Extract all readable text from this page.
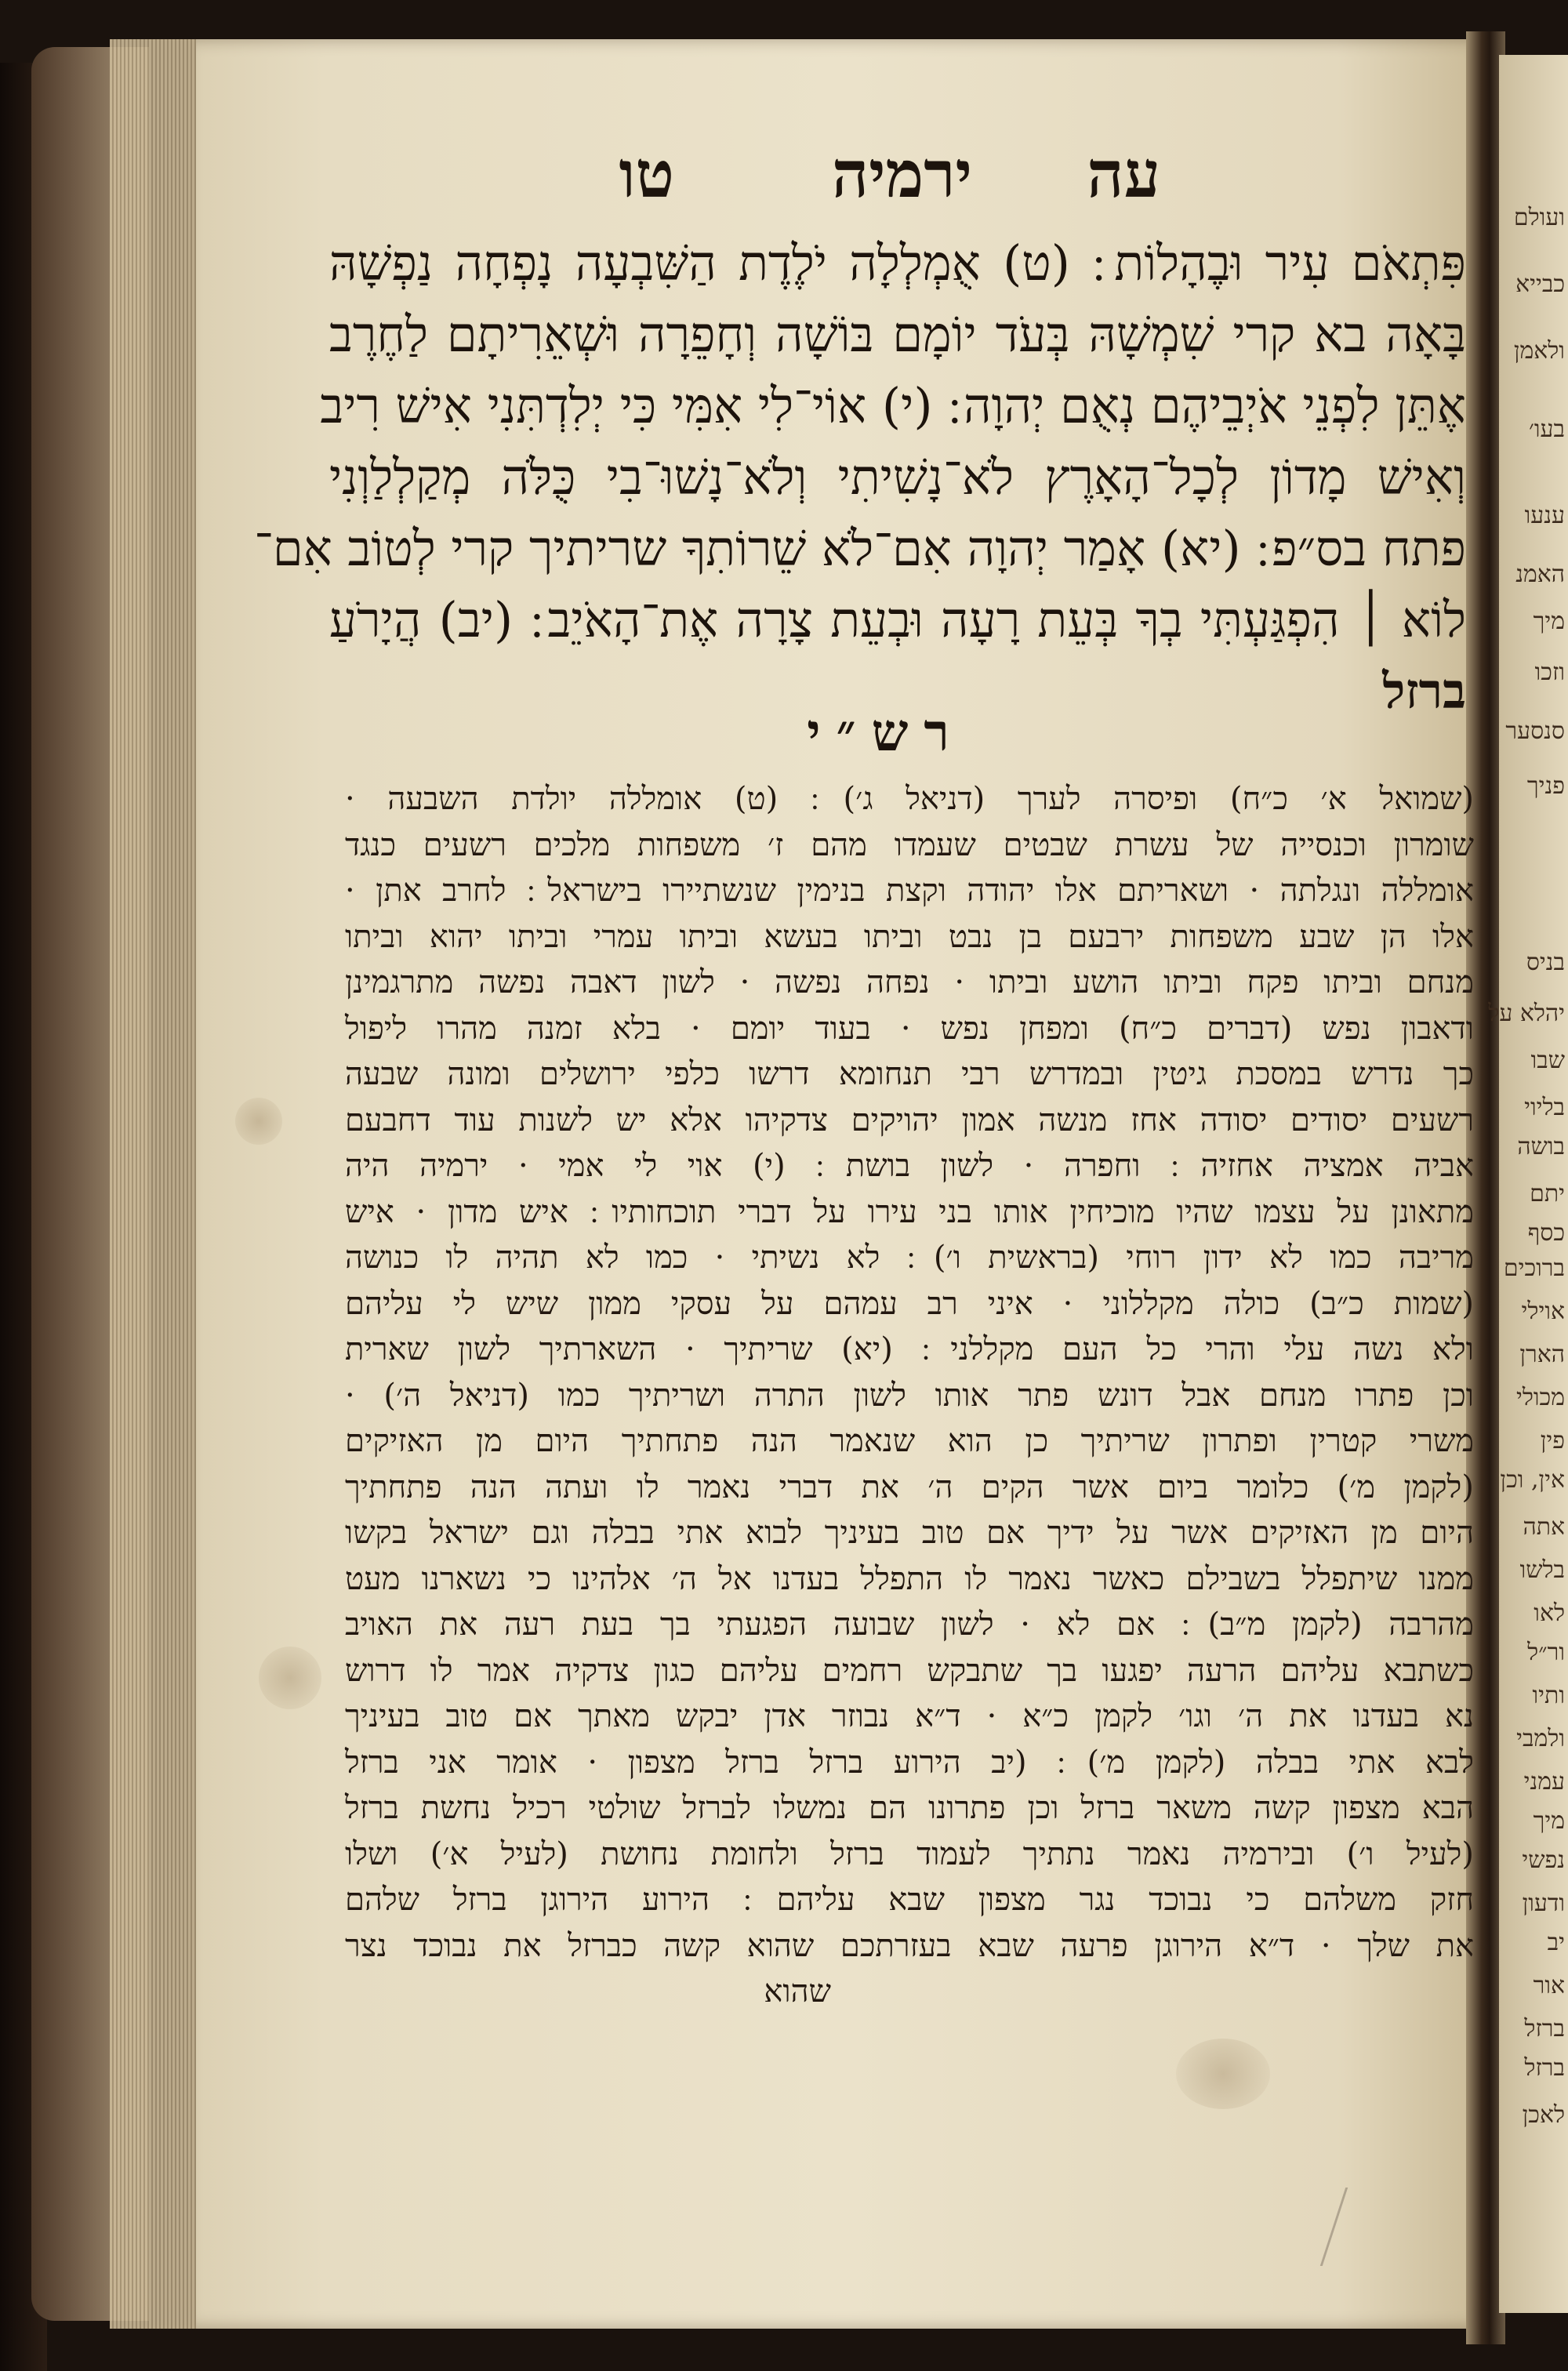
ועולם
כבייא
ולאמן
בעו׳
ענעו
האמנ
מיך
וזכו
סנסער
פניך
בניס
יהלא על
שבו
בליוי
בושה
יתם
כסף
ברוכים
אוילי
הארן
מכולי
פין
אין, וכן
אתה
בלשו
לאו
ור״ל
ותיו
ולמבי
עמני
מיך
נפשי
ודעון
יב
אור
ברזל
ברזל
לאכן
עה
ירמיה
טו
פִּתְאֹם עִיר וּבֶהָלוֹת ׃ (ט) אֻמְלְלָה יֹלֶדֶת הַשִּׁבְעָה נָפְחָה נַפְשָׁהּ
בָּאָה בא קרי שִׁמְשָׁהּ בְּעֹד יוֹמָם בּוֹשָׁה וְחָפֵרָה וּשְׁאֵרִיתָם לַחֶרֶב
אֶתֵּן לִפְנֵי אֹיְבֵיהֶם נְאֻם יְהוָה ׃ (י) אוֹי־לִי אִמִּי כִּי יְלִדְתִּנִי אִישׁ רִיב
וְאִישׁ מָדוֹן לְכָל־הָאָרֶץ לֹא־נָשִׁיתִי וְלֹא־נָשׁוּ־בִי כֻּלֹּה מְקַלְלַוְנִי
פתח בס״פ ׃ (יא) אָמַר יְהוָה אִם־לֹא שֵׁרוֹתִךָ שריתיך קרי לְטוֹב אִם־
לוֹא ׀ הִפְגַּעְתִּי בְךָ בְּעֵת רָעָה וּבְעֵת צָרָה אֶת־הָאֹיֵב ׃ (יב) הֲיָרֹעַ
ברזל
רש״י
(שמואל א׳ כ״ח) ופיסרה לערך (דניאל ג׳) ׃ (ט) אומללה יולדת השבעה ·
שומרון וכנסייה של עשרת שבטים שעמדו מהם ז׳ משפחות מלכים רשעים כנגד
אומללה ונגלתה · ושאריתם אלו יהודה וקצת בנימין שנשתיירו בישראל ׃ לחרב אתן ·
אלו הן שבע משפחות ירבעם בן נבט וביתו בעשא וביתו עמרי וביתו יהוא וביתו
מנחם וביתו פקח וביתו הושע וביתו · נפחה נפשה · לשון דאבה נפשה מתרגמינן
ודאבון נפש (דברים כ״ח) ומפחן נפש · בעוד יומם · בלא זמנה מהרו ליפול
כך נדרש במסכת גיטין ובמדרש רבי תנחומא דרשו כלפי ירושלים ומונה שבעה
רשעים יסודים יסודה אחז מנשה אמון יהויקים צדקיהו אלא יש לשנות עוד דחבעם
אביה אמציה אחזיה ׃ וחפרה · לשון בושת ׃ (י) אוי לי אמי · ירמיה היה
מתאונן על עצמו שהיו מוכיחין אותו בני עירו על דברי תוכחותיו ׃ איש מדון · איש
מריבה כמו לא ידון רוחי (בראשית ו׳) ׃ לא נשיתי · כמו לא תהיה לו כנושה
(שמות כ״ב) כולה מקללוני · איני רב עמהם על עסקי ממון שיש לי עליהם
ולא נשה עלי והרי כל העם מקללני ׃ (יא) שריתיך · השארתיך לשון שארית
וכן פתרו מנחם אבל דונש פתר אותו לשון התרה ושריתיך כמו (דניאל ה׳) ·
משרי קטרין ופתרון שריתיך כן הוא שנאמר הנה פתחתיך היום מן האזיקים
(לקמן מ׳) כלומר ביום אשר הקים ה׳ את דברי נאמר לו ועתה הנה פתחתיך
היום מן האזיקים אשר על ידיך אם טוב בעיניך לבוא אתי בבלה וגם ישראל בקשו
ממנו שיתפלל בשבילם כאשר נאמר לו התפלל בעדנו אל ה׳ אלהינו כי נשארנו מעט
מהרבה (לקמן מ״ב) ׃ אם לא · לשון שבועה הפגעתי בך בעת רעה את האויב
כשתבא עליהם הרעה יפגעו בך שתבקש רחמים עליהם כגון צדקיה אמר לו דרוש
נא בעדנו את ה׳ וגו׳ לקמן כ״א · ד״א נבוזר אדן יבקש מאתך אם טוב בעיניך
לבא אתי בבלה (לקמן מ׳) ׃ (יב הירוע ברזל ברזל מצפון · אומר אני ברזל
הבא מצפון קשה משאר ברזל וכן פתרונו הם נמשלו לברזל שולטי רכיל נחשת ברזל
(לעיל ו׳) ובירמיה נאמר נתתיך לעמוד ברזל ולחומת נחושת (לעיל א׳) ושלו
חזק משלהם כי נבוכד נגר מצפון שבא עליהם ׃ הירוע הירוגן ברזל שלהם
את שלך · ד״א הירוגן פרעה שבא בעזרתכם שהוא קשה כברזל את נבוכד נצר
שהוא
